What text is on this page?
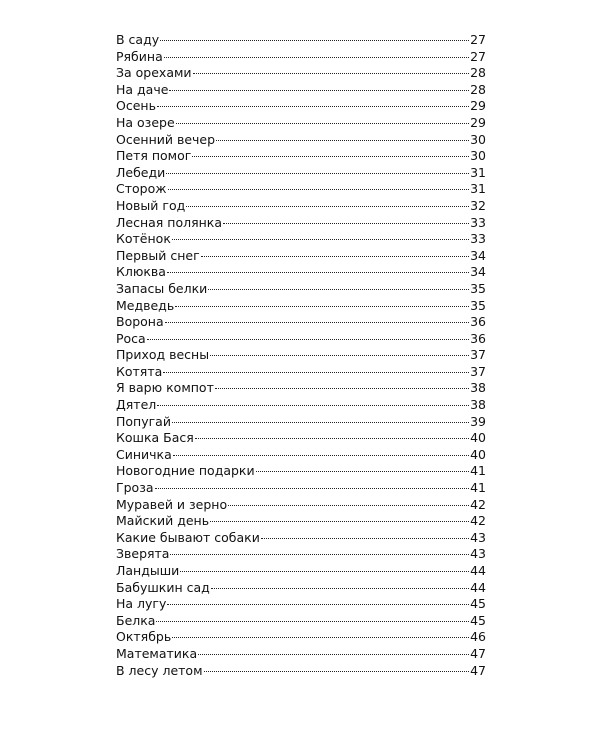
В саду	27
Рябина	27
За орехами	28
На даче	28
Осень	29
На озере	29
Осенний вечер	30
Петя помог	30
Лебеди	31
Сторож	31
Новый год	32
Лесная полянка	33
Котёнок	33
Первый снег	34
Клюква	34
Запасы белки	35
Медведь	35
Ворона	36
Роса	36
Приход весны	37
Котята	37
Я варю компот	38
Дятел	38
Попугай	39
Кошка Бася	40
Синичка	40
Новогодние подарки	41
Гроза	41
Муравей и зерно	42
Майский день	42
Какие бывают собаки	43
Зверята	43
Ландыши	44
Бабушкин сад	44
На лугу	45
Белка	45
Октябрь	46
Математика	47
В лесу летом	47
